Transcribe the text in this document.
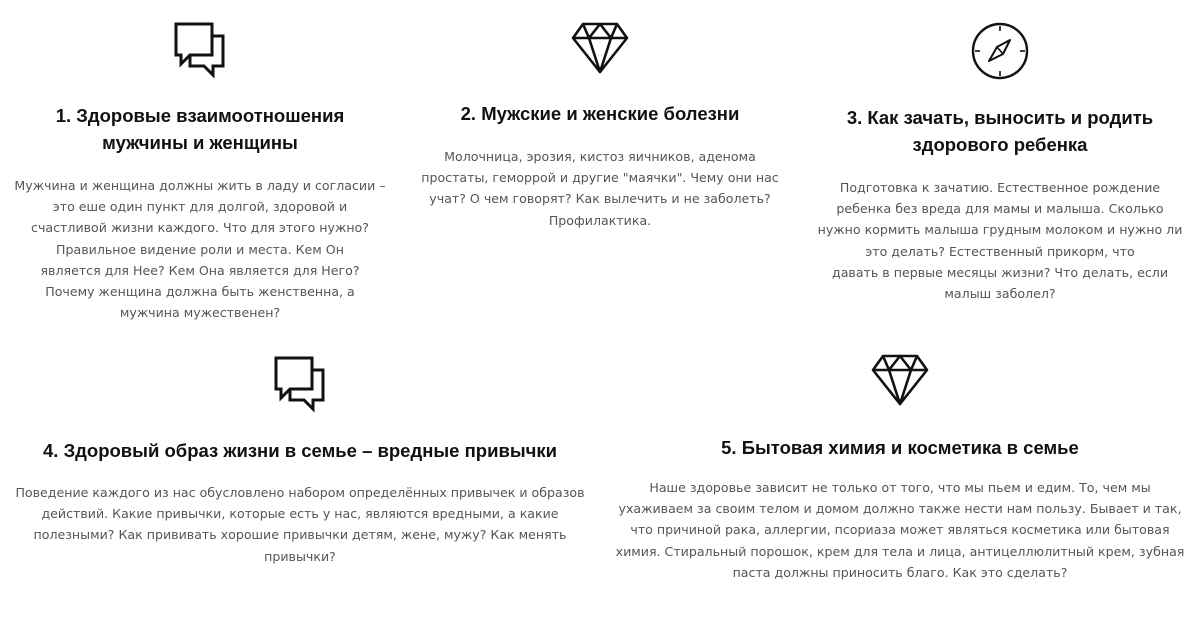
1. Здоровые взаимоотношения
мужчины и женщины

Мужчина и женщина должны жить в ладу и согласии –
это еше один пункт для долгой, здоровой и
счастливой жизни каждого. Что для этого нужно?
Правильное видение роли и места. Кем Он
является для Нее? Кем Она является для Него?
Почему женщина должна быть женственна, а
мужчина мужественен?

2. Мужские и женские болезни

Молочница, эрозия, кистоз яичников, аденома
простаты, геморрой и другие "маячки". Чему они нас
учат? О чем говорят? Как вылечить и не заболеть?
Профилактика.

3. Как зачать, выносить и родить
здорового ребенка

Подготовка к зачатию. Естественное рождение
ребенка без вреда для мамы и малыша. Сколько
нужно кормить малыша грудным молоком и нужно ли
это делать? Естественный прикорм, что
давать в первые месяцы жизни? Что делать, если
малыш заболел?

4. Здоровый образ жизни в семье – вредные привычки

Поведение каждого из нас обусловлено набором определённых привычек и образов
действий. Какие привычки, которые есть у нас, являются вредными, а какие
полезными? Как прививать хорошие привычки детям, жене, мужу? Как менять
привычки?

5. Бытовая химия и косметика в семье

Наше здоровье зависит не только от того, что мы пьем и едим. То, чем мы
ухаживаем за своим телом и домом должно также нести нам пользу. Бывает и так,
что причиной рака, аллергии, псориаза может являться косметика или бытовая
химия. Стиральный порошок, крем для тела и лица, антицеллюлитный крем, зубная
паста должны приносить благо. Как это сделать?
